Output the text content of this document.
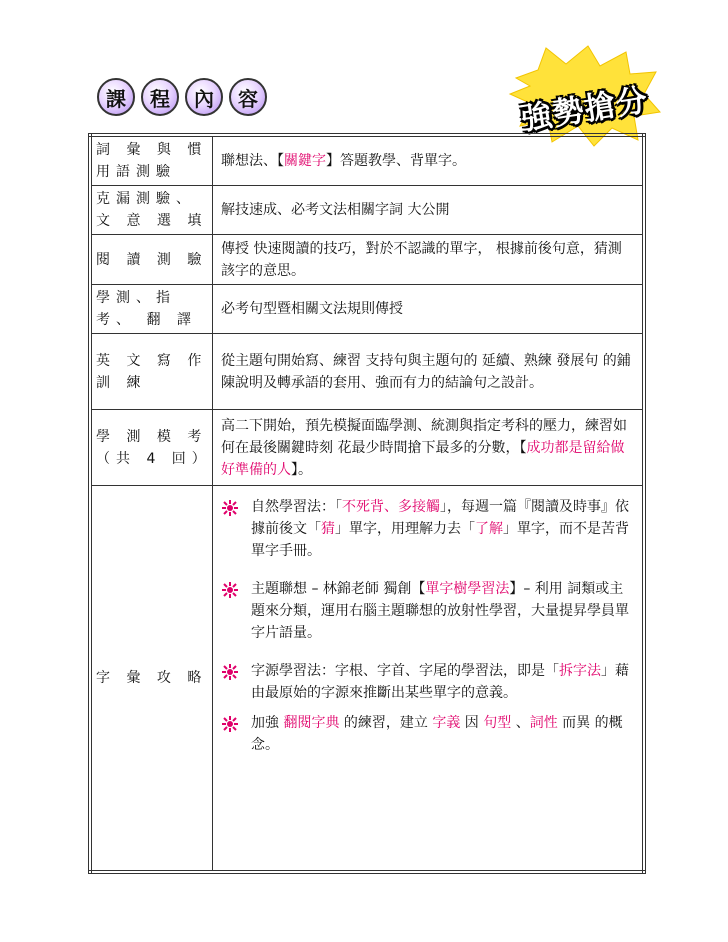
課	程	內	容	強勢搶分
詞 彙 與 慣用語測驗	聯想法、【關鍵字】答題教學、背單字。
克漏測驗、文 意 選 填	解技速成、必考文法相關字詞 大公開
閱 讀 測 驗	傳授 快速閱讀的技巧，對於不認識的單字， 根據前後句意，猜測該字的意思。
學測、指考、 翻 譯	必考句型暨相關文法規則傳授
英 文 寫 作 訓 練	從主題句開始寫、練習 支持句與主題句的 延續、熟練 發展句 的鋪陳說明及轉承語的套用、強而有力的結論句之設計。
學 測 模 考（共 4 回）	高二下開始，預先模擬面臨學測、統測與指定考科的壓力，練習如何在最後關鍵時刻 花最少時間搶下最多的分數，【成功都是留給做好準備的人】。
字 彙 攻 略	自然學習法：「不死背、多接觸」，每週一篇『閱讀及時事』依據前後文「猜」單字，用理解力去「了解」單字，而不是苦背單字手冊。
主題聯想 – 林錦老師 獨創【單字樹學習法】– 利用 詞類或主題來分類，運用右腦主題聯想的放射性學習，大量提昇學員單字片語量。
字源學習法：字根、字首、字尾的學習法，即是「拆字法」藉由最原始的字源來推斷出某些單字的意義。
加強 翻閱字典 的練習，建立 字義 因 句型 、詞性 而異 的概念。
